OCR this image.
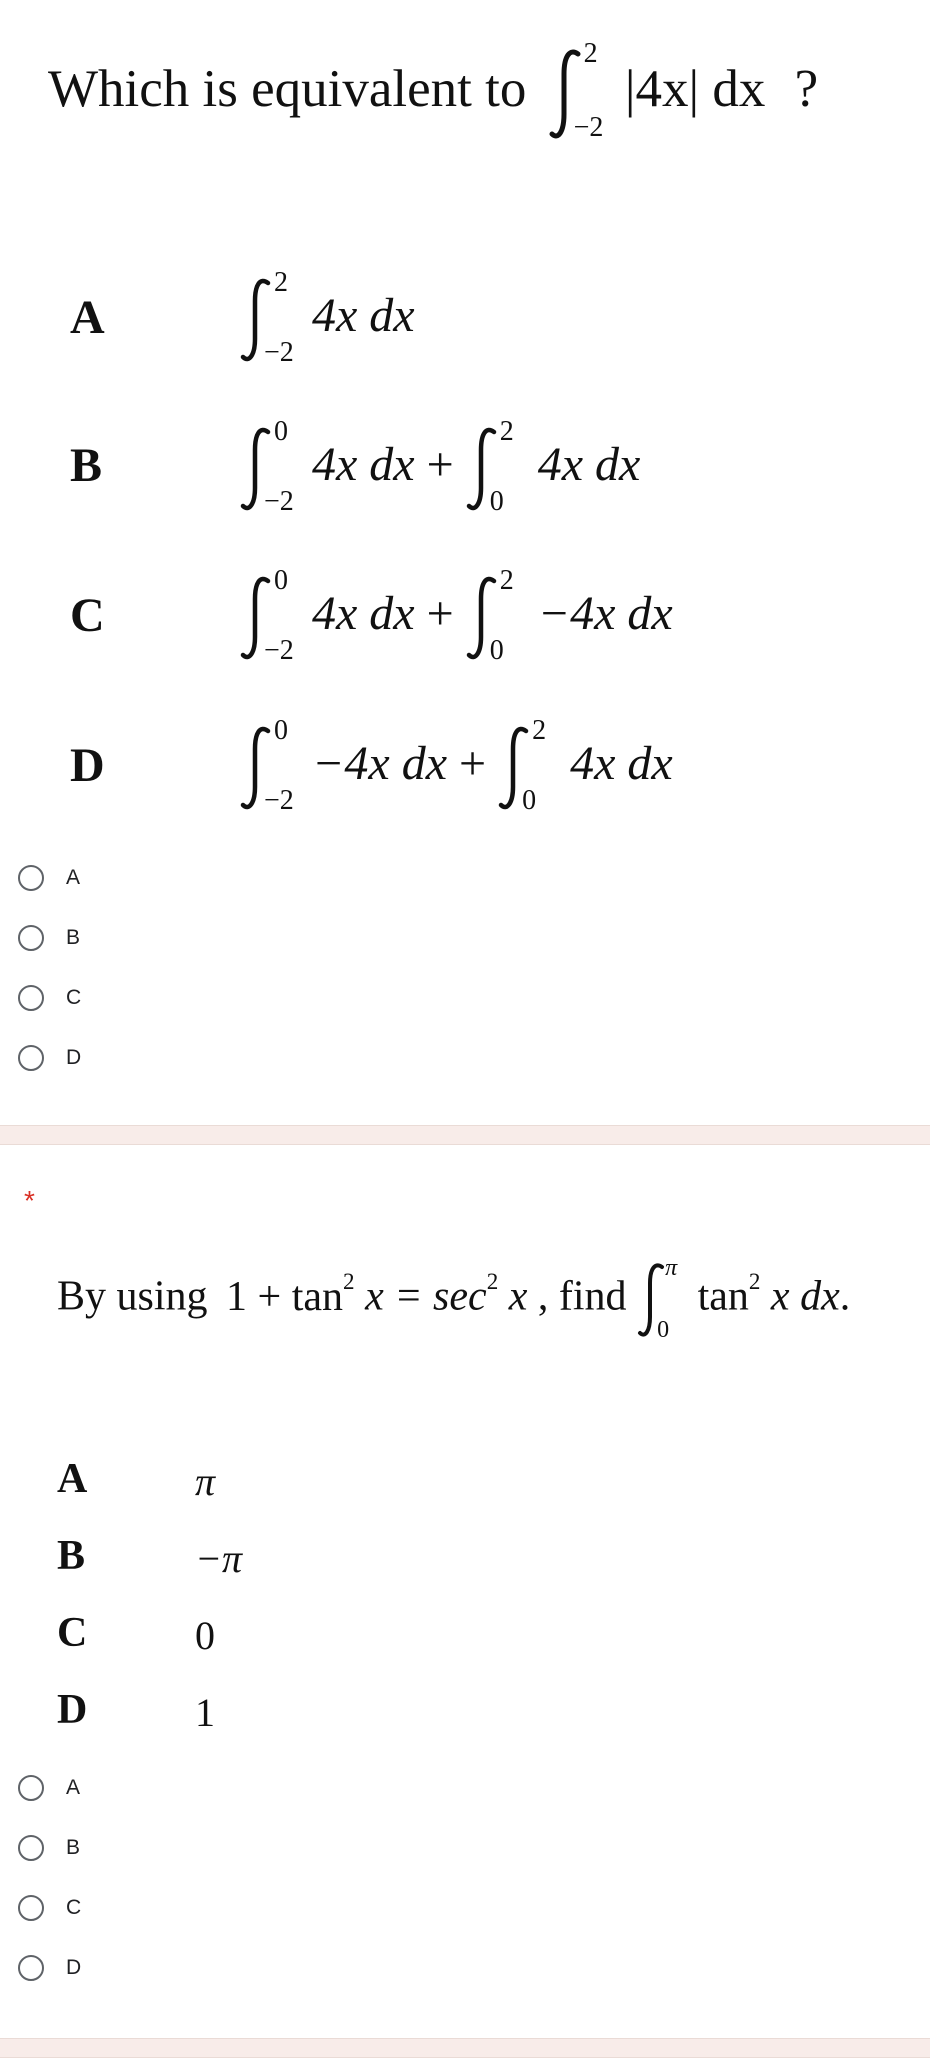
Which is equivalent to
2
−2
|4x| dx ?
A
2
−2
4x dx
B
0
−2
4x dx +
2
0
4x dx
C
0
−2
4x dx +
2
0
−4x dx
D
0
−2
−4x dx +
2
0
4x dx
A
B
C
D
*
By using $1 + \tan^2 x = \sec^2 x$ , find
π
0
$\tan^2 x$ dx.
A	π
B	−π
C	0
D	1
A
B
C
D
